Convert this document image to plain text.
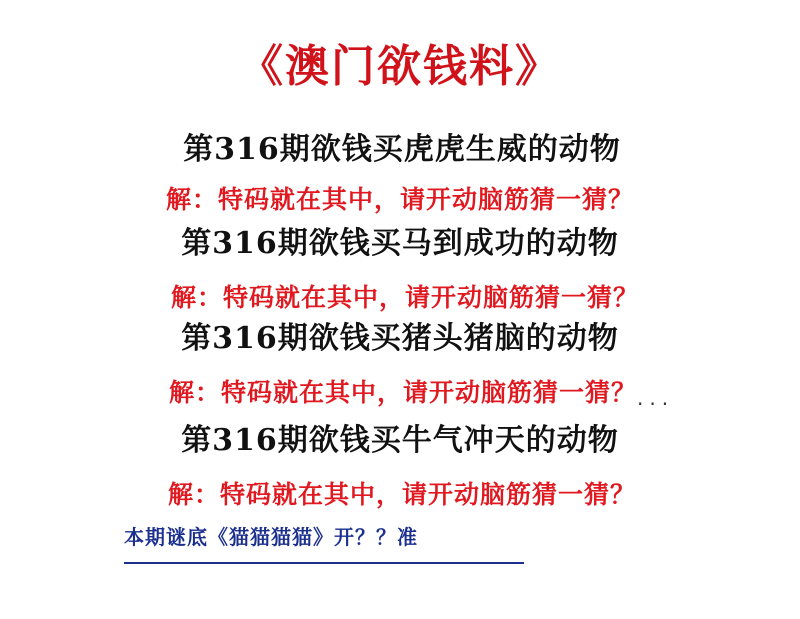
《澳门欲钱料》
第316期欲钱买虎虎生威的动物
解：特码就在其中，请开动脑筋猜一猜？
第316期欲钱买马到成功的动物
解：特码就在其中，请开动脑筋猜一猜？
第316期欲钱买猪头猪脑的动物
解：特码就在其中，请开动脑筋猜一猜？ ···
第316期欲钱买牛气冲天的动物
解：特码就在其中，请开动脑筋猜一猜？
本期谜底《猫猫猫猫》开？？准
